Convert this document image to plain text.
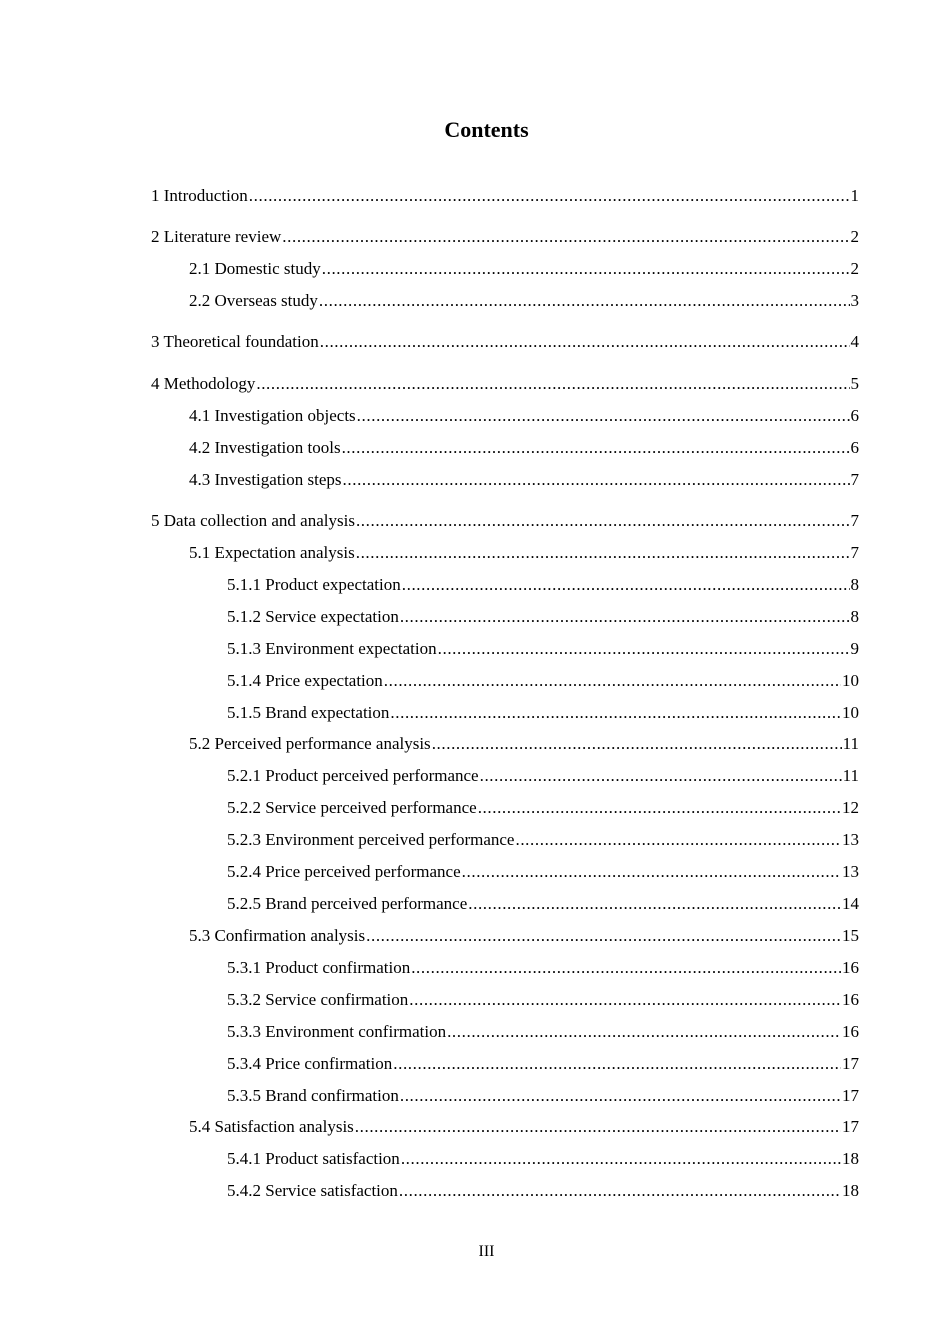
Contents
1 Introduction .....	1
2 Literature review .....	2
2.1 Domestic study .....	2
2.2 Overseas study .....	3
3 Theoretical foundation .....	4
4 Methodology .....	5
4.1 Investigation objects .....	6
4.2 Investigation tools .....	6
4.3 Investigation steps .....	7
5 Data collection and analysis .....	7
5.1 Expectation analysis .....	7
5.1.1 Product expectation .....	8
5.1.2 Service expectation .....	8
5.1.3 Environment expectation .....	9
5.1.4 Price expectation .....	10
5.1.5 Brand expectation .....	10
5.2 Perceived performance analysis .....	11
5.2.1 Product perceived performance .....	11
5.2.2 Service perceived performance .....	12
5.2.3 Environment perceived performance .....	13
5.2.4 Price perceived performance .....	13
5.2.5 Brand perceived performance .....	14
5.3 Confirmation analysis .....	15
5.3.1 Product confirmation .....	16
5.3.2 Service confirmation .....	16
5.3.3 Environment confirmation .....	16
5.3.4 Price confirmation .....	17
5.3.5 Brand confirmation .....	17
5.4 Satisfaction analysis .....	17
5.4.1 Product satisfaction .....	18
5.4.2 Service satisfaction .....	18
III
